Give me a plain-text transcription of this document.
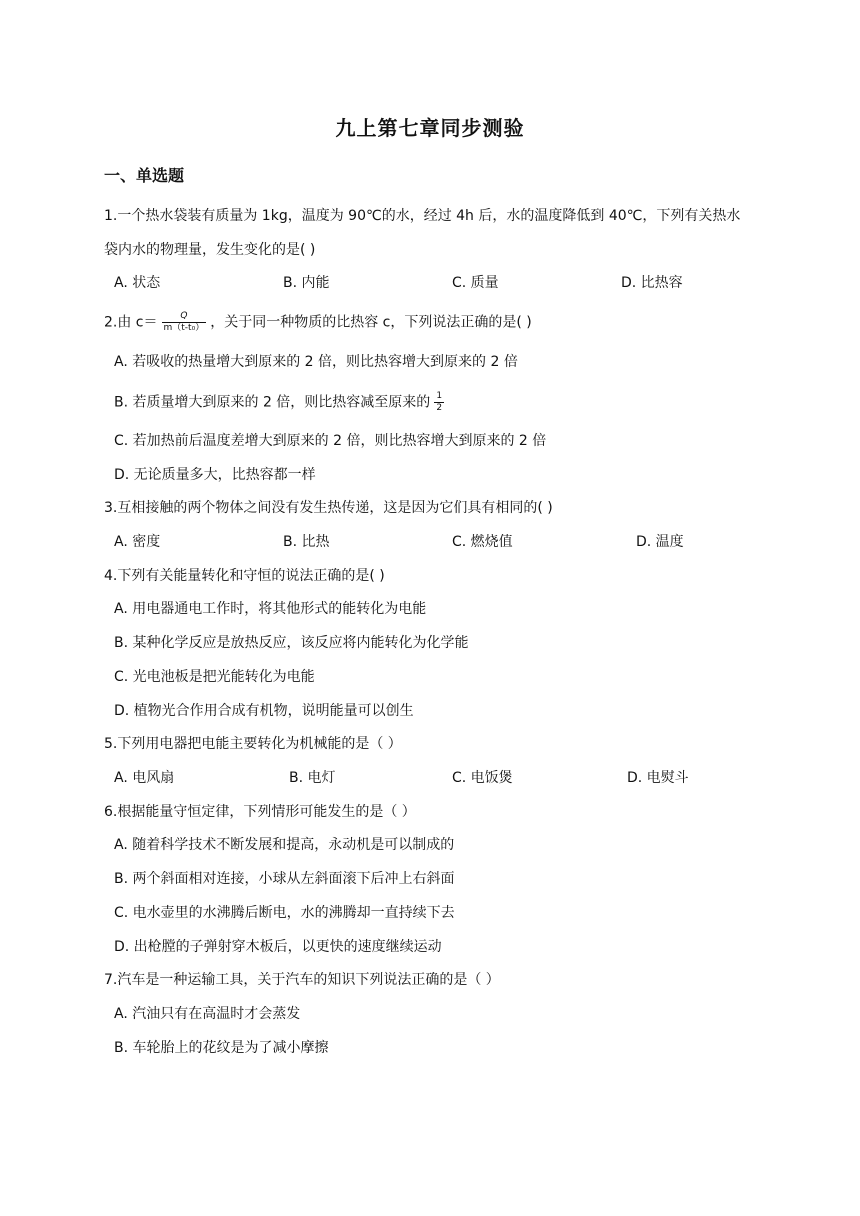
九上第七章同步测验
一、单选题
1.一个热水袋装有质量为 1kg，温度为 90℃的水，经过 4h 后，水的温度降低到 40℃，下列有关热水
袋内水的物理量，发生变化的是( )
A. 状态	B. 内能	C. 质量	D. 比热容
2.由 $c= \frac{Q}{\text{m（t-t₀）}}$ ，关于同一种物质的比热容 c，下列说法正确的是( )
A. 若吸收的热量增大到原来的 2 倍，则比热容增大到原来的 2 倍
B. 若质量增大到原来的 2 倍，则比热容减至原来的 $\frac{1}{2}$
C. 若加热前后温度差增大到原来的 2 倍，则比热容增大到原来的 2 倍
D. 无论质量多大，比热容都一样
3.互相接触的两个物体之间没有发生热传递，这是因为它们具有相同的( )
A. 密度	B. 比热	C. 燃烧值	D. 温度
4.下列有关能量转化和守恒的说法正确的是( )
A. 用电器通电工作时，将其他形式的能转化为电能
B. 某种化学反应是放热反应，该反应将内能转化为化学能
C. 光电池板是把光能转化为电能
D. 植物光合作用合成有机物，说明能量可以创生
5.下列用电器把电能主要转化为机械能的是（ ）
A. 电风扇	B. 电灯	C. 电饭煲	D. 电熨斗
6.根据能量守恒定律，下列情形可能发生的是（ ）
A. 随着科学技术不断发展和提高，永动机是可以制成的
B. 两个斜面相对连接，小球从左斜面滚下后冲上右斜面
C. 电水壶里的水沸腾后断电，水的沸腾却一直持续下去
D. 出枪膛的子弹射穿木板后，以更快的速度继续运动
7.汽车是一种运输工具，关于汽车的知识下列说法正确的是（ ）
A. 汽油只有在高温时才会蒸发
B. 车轮胎上的花纹是为了减小摩擦
